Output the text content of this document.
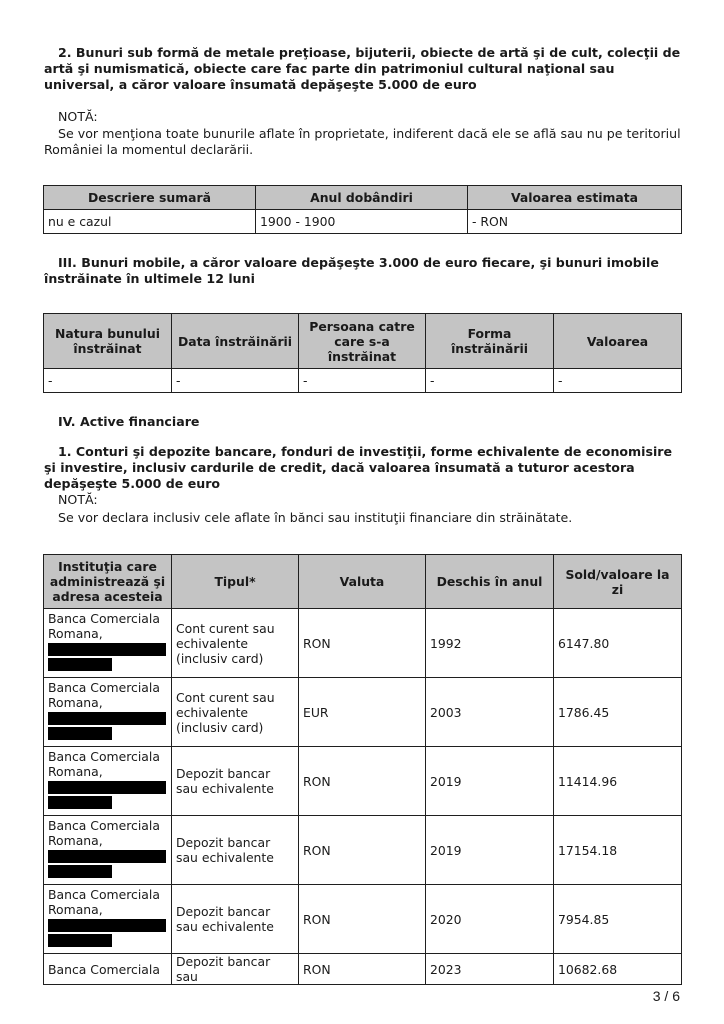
2. Bunuri sub formă de metale preţioase, bijuterii, obiecte de artă şi de cult, colecţii de artă şi numismatică, obiecte care fac parte din patrimoniul cultural naţional sau universal, a căror valoare însumată depăşeşte 5.000 de euro
NOTĂ:
Se vor menţiona toate bunurile aflate în proprietate, indiferent dacă ele se află sau nu pe teritoriul României la momentul declarării.
Descriere sumară	Anul dobândiri	Valoarea estimata
nu e cazul	1900 - 1900	- RON
III. Bunuri mobile, a căror valoare depăşeşte 3.000 de euro fiecare, şi bunuri imobile înstrăinate în ultimele 12 luni
Natura bunului înstrăinat	Data înstrăinării	Persoana catre care s-a înstrăinat	Forma înstrăinării	Valoarea
-	-	-	-	-
IV. Active financiare
1. Conturi şi depozite bancare, fonduri de investiţii, forme echivalente de economisire şi investire, inclusiv cardurile de credit, dacă valoarea însumată a tuturor acestora depăşeşte 5.000 de euro
NOTĂ:
Se vor declara inclusiv cele aflate în bănci sau instituţii financiare din străinătate.
Instituţia care administrează şi adresa acesteia	Tipul*	Valuta	Deschis în anul	Sold/valoare la zi
Banca Comerciala Romana,	Cont curent sau echivalente (inclusiv card)	RON	1992	6147.80
Banca Comerciala Romana,	Cont curent sau echivalente (inclusiv card)	EUR	2003	1786.45
Banca Comerciala Romana,	Depozit bancar sau echivalente	RON	2019	11414.96
Banca Comerciala Romana,	Depozit bancar sau echivalente	RON	2019	17154.18
Banca Comerciala Romana,	Depozit bancar sau echivalente	RON	2020	7954.85
Banca Comerciala	Depozit bancar sau	RON	2023	10682.68
3 / 6
